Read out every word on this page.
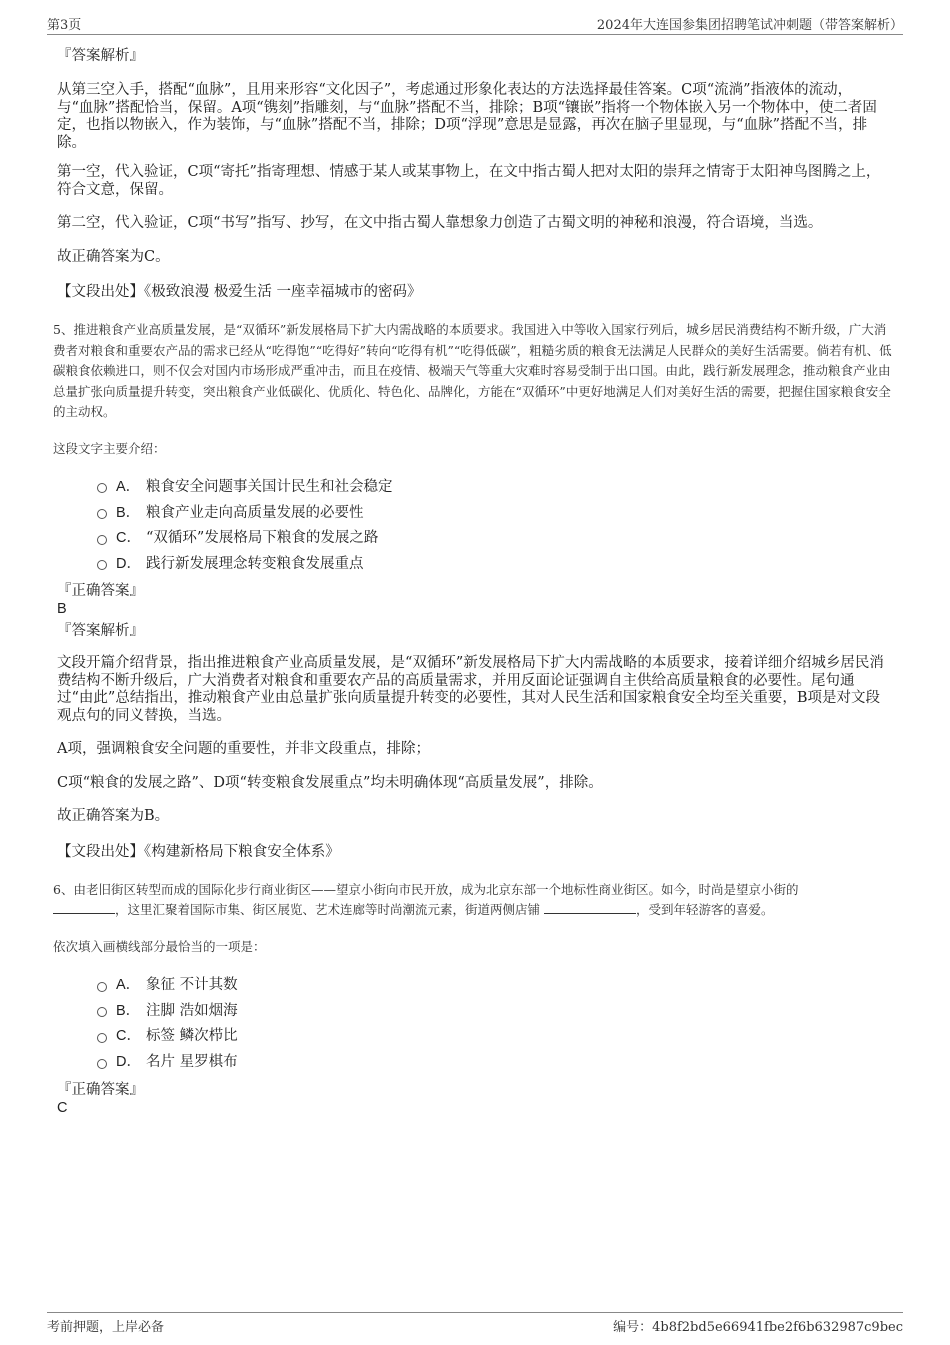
第3页	2024年大连国参集团招聘笔试冲刺题（带答案解析）

『答案解析』

从第三空入手，搭配“血脉”，且用来形容“文化因子”，考虑通过形象化表达的方法选择最佳答案。C项“流淌”指液体的流动，与“血脉”搭配恰当，保留。A项“镌刻”指雕刻，与“血脉”搭配不当，排除；B项“镶嵌”指将一个物体嵌入另一个物体中，使二者固定，也指以物嵌入，作为装饰，与“血脉”搭配不当，排除；D项“浮现”意思是显露，再次在脑子里显现，与“血脉”搭配不当，排除。

第一空，代入验证，C项“寄托”指寄理想、情感于某人或某事物上，在文中指古蜀人把对太阳的崇拜之情寄于太阳神鸟图腾之上，符合文意，保留。

第二空，代入验证，C项“书写”指写、抄写，在文中指古蜀人靠想象力创造了古蜀文明的神秘和浪漫，符合语境，当选。

故正确答案为C。

【文段出处】《极致浪漫 极爱生活 一座幸福城市的密码》

5、推进粮食产业高质量发展，是“双循环”新发展格局下扩大内需战略的本质要求。我国进入中等收入国家行列后，城乡居民消费结构不断升级，广大消费者对粮食和重要农产品的需求已经从“吃得饱”“吃得好”转向“吃得有机”“吃得低碳”，粗糙劣质的粮食无法满足人民群众的美好生活需要。倘若有机、低碳粮食依赖进口，则不仅会对国内市场形成严重冲击，而且在疫情、极端天气等重大灾难时容易受制于出口国。由此，践行新发展理念，推动粮食产业由总量扩张向质量提升转变，突出粮食产业低碳化、优质化、特色化、品牌化，方能在“双循环”中更好地满足人们对美好生活的需要，把握住国家粮食安全的主动权。

这段文字主要介绍：

A． 粮食安全问题事关国计民生和社会稳定
B． 粮食产业走向高质量发展的必要性
C． “双循环”发展格局下粮食的发展之路
D． 践行新发展理念转变粮食发展重点

『正确答案』

B

『答案解析』

文段开篇介绍背景，指出推进粮食产业高质量发展，是“双循环”新发展格局下扩大内需战略的本质要求，接着详细介绍城乡居民消费结构不断升级后，广大消费者对粮食和重要农产品的高质量需求，并用反面论证强调自主供给高质量粮食的必要性。尾句通过“由此”总结指出，推动粮食产业由总量扩张向质量提升转变的必要性，其对人民生活和国家粮食安全均至关重要，B项是对文段观点句的同义替换，当选。

A项，强调粮食安全问题的重要性，并非文段重点，排除；

C项“粮食的发展之路”、D项“转变粮食发展重点”均未明确体现“高质量发展”，排除。

故正确答案为B。

【文段出处】《构建新格局下粮食安全体系》

6、由老旧街区转型而成的国际化步行商业街区——望京小街向市民开放，成为北京东部一个地标性商业街区。如今，时尚是望京小街的
，这里汇聚着国际市集、街区展览、艺术连廊等时尚潮流元素，街道两侧店铺	，受到年轻游客的喜爱。

依次填入画横线部分最恰当的一项是：

A． 象征 不计其数
B． 注脚 浩如烟海
C． 标签 鳞次栉比
D． 名片 星罗棋布

『正确答案』

C

考前押题，上岸必备	编号：4b8f2bd5e66941fbe2f6b632987c9bec
